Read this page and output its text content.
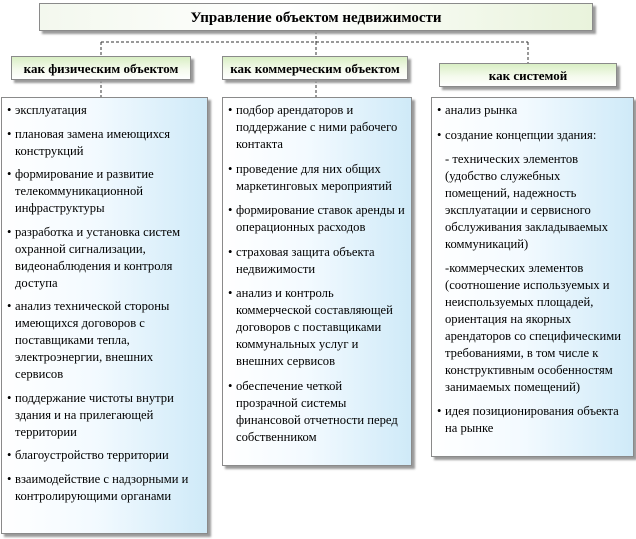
Управление объектом недвижимости
как физическим объектом	как коммерческим объектом	как системой
• эксплуатация
• плановая замена имеющихся конструкций
• формирование и развитие телекоммуникационной инфраструктуры
• разработка и установка систем охранной сигнализации, видеонаблюдения и контроля доступа
• анализ технической стороны имеющихся договоров с поставщиками тепла, электроэнергии, внешних сервисов
• поддержание чистоты внутри здания и на прилегающей территории
• благоустройство территории
• взаимодействие с надзорными и контролирующими органами
• подбор арендаторов и поддержание с ними рабочего контакта
• проведение для них общих маркетинговых мероприятий
• формирование ставок аренды и операционных расходов
• страховая защита объекта недвижимости
• анализ и контроль коммерческой составляющей договоров с поставщиками коммунальных услуг и внешних сервисов
• обеспечение четкой прозрачной системы финансовой отчетности перед собственником
• анализ рынка
• создание концепции здания:
- технических элементов (удобство служебных помещений, надежность эксплуатации и сервисного обслуживания закладываемых коммуникаций)
-коммерческих элементов (соотношение используемых и неиспользуемых площадей, ориентация на якорных арендаторов со специфическими требованиями, в том числе к конструктивным особенностям занимаемых помещений)
• идея позиционирования объекта на рынке
